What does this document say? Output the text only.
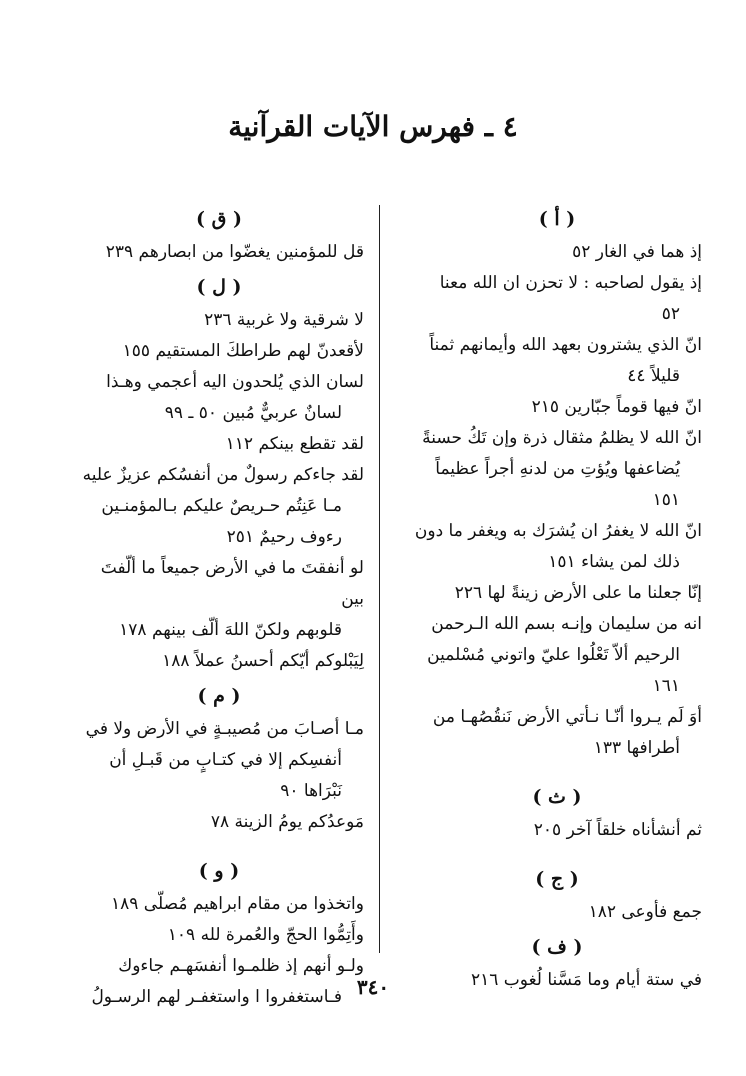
٤ ـ فهرس الآيات القرآنية
( أ )
إذ هما في الغار ٥٢
إذ يقول لصاحبه : لا تحزن ان الله معنا
٥٢
انّ الذي يشترون بعهد الله وأيمانهم ثمناً
قليلاً ٤٤
انّ فيها قوماً جبّارين ٢١٥
انّ الله لا يظلمُ مثقال ذرة وإن تَكُ حسنةً
يُضاعفها ويُؤتِ من لدنهِ أجراً عظيماً
١٥١
انّ الله لا يغفرُ ان يُشرَك به ويغفر ما دون
ذلك لمن يشاء ١٥١
إنّا جعلنا ما على الأرض زينةً لها ٢٢٦
انه من سليمان وإنـه بسم الله الـرحمن
الرحيم ألاّ تَعْلُوا عليّ واتوني مُسْلمين
١٦١
أوَ لَم يـروا أنّـا نـأتي الأرض نَنقُصُهـا من
أطرافها ١٣٣
( ث )
ثم أنشأناه خلقاً آخر ٢٠٥
( ج )
جمع فأوعى ١٨٢
( ف )
في ستة أيام وما مَسَّنا لُغوب ٢١٦
( ق )
قل للمؤمنين يغضّوا من ابصارهم ٢٣٩
( ل )
لا شرقية ولا غربية ٢٣٦
لأقعدنّ لهم طراطكَ المستقيم ١٥٥
لسان الذي يُلحدون اليه أعجمي وهـذا
لسانٌ عربيٌّ مُبين ٥٠ ـ ٩٩
لقد تقطع بينكم ١١٢
لقد جاءكم رسولٌ من أنفسُكم عزيزٌ عليه
مـا عَنِتُم حـريصٌ عليكم بـالمؤمنـين
رءوف رحيمٌ ٢٥١
لو أنفقتَ ما في الأرض جميعاً ما ألّفتَ بين
قلوبهم ولكنّ اللهَ ألّف بينهم ١٧٨
لِيَبْلوكم أيّكم أحسنُ عملاً ١٨٨
( م )
مـا أصـابَ من مُصيبـةٍ في الأرض ولا في
أنفسِكم إلا في كتـابٍ من قَبـلِ أن
نَبْرَاها ٩٠
مَوعدُكم يومُ الزينة ٧٨
( و )
واتخذوا من مقام ابراهيم مُصلّى ١٨٩
وأَتِمُّوا الحجّ والعُمرة لله ١٠٩
ولـو أنهم إذ ظلمـوا أنفسَهـم جاءوك
فـاستغفروا ا واستغفـر لهم الرسـولُ ٣٤٠
